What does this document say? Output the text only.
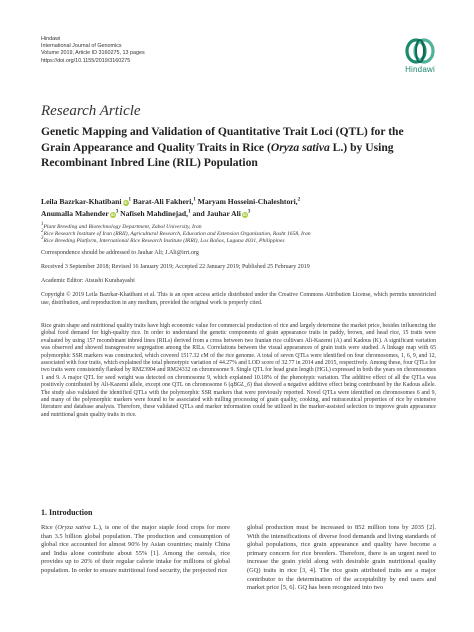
Hindawi
International Journal of Genomics
Volume 2019, Article ID 3160275, 13 pages
https://doi.org/10.1155/2019/3160275
Hindawi
Research Article
Genetic Mapping and Validation of Quantitative Trait Loci (QTL) for the Grain Appearance and Quality Traits in Rice (Oryza sativa L.) by Using Recombinant Inbred Line (RIL) Population
Leila Bazrkar-Khatibani $iD^1$ Barat-Ali Fakheri,$^1$ Maryam Hosseini-Chaleshtori,$^2$
Anumalla Mahender $iD^3$ Nafiseh Mahdinejad,$^1$ and Jauhar Ali $iD^3$
$^1$Plant Breeding and Biotechnology Department, Zabol University, Iran
$^2$Rice Research Institute of Iran (RRII), Agricultural Research, Education and Extension Organization, Rasht 1658, Iran
$^3$Rice Breeding Platform, International Rice Research Institute (IRRI), Los Baños, Laguna 4031, Philippines
Correspondence should be addressed to Jauhar Ali; J.Ali@irri.org
Received 3 September 2018; Revised 16 January 2019; Accepted 22 January 2019; Published 25 February 2019
Academic Editor: Atsushi Kurabayashi
Copyright © 2019 Leila Bazrkar-Khatibani et al. This is an open access article distributed under the Creative Commons Attribution License, which permits unrestricted use, distribution, and reproduction in any medium, provided the original work is properly cited.
Rice grain shape and nutritional quality traits have high economic value for commercial production of rice and largely determine the market price, besides influencing the global food demand for high-quality rice. In order to understand the genetic components of grain appearance traits in paddy, brown, and head rice, 15 traits were evaluated by using 157 recombinant inbred lines (RILs) derived from a cross between two Iranian rice cultivars Ali-Kazemi (A) and Kadous (K). A significant variation was observed and showed transgressive segregation among the RILs. Correlations between the visual appearances of grain traits were studied. A linkage map with 65 polymorphic SSR markers was constructed, which covered 1517.32 cM of the rice genome. A total of seven QTLs were identified on four chromosomes, 1, 6, 9, and 12, associated with four traits, which explained the total phenotypic variation of 44.27% and LOD score of 32.77 in 2014 and 2015, respectively. Among these, four QTLs for two traits were consistently flanked by RM23904 and RM24332 on chromosome 9. Single QTL for head grain length (HGL) expressed in both the years on chromosomes 1 and 9. A major QTL for seed weight was detected on chromosome 9, which explained 10.18% of the phenotypic variation. The additive effect of all the QTLs was positively contributed by Ali-Kazemi allele, except one QTL on chromosome 6 (qBGL_6) that showed a negative additive effect being contributed by the Kadous allele. The study also validated the identified QTLs with the polymorphic SSR markers that were previously reported. Novel QTLs were identified on chromosomes 6 and 9, and many of the polymorphic markers were found to be associated with milling processing of grain quality, cooking, and nutraceutical properties of rice by extensive literature and database analysis. Therefore, these validated QTLs and marker information could be utilized in the marker-assisted selection to improve grain appearance and nutritional grain quality traits in rice.
1. Introduction
Rice (Oryza sativa L.), is one of the major staple food crops for more than 3.5 billion global population. The production and consumption of global rice accounted for almost 90% by Asian countries; mainly China and India alone contribute about 55% [1]. Among the cereals, rice provides up to 20% of their regular calorie intake for millions of global population. In order to ensure nutritional food security, the projected rice
global production must be increased to 852 million tons by 2035 [2]. With the intensifications of diverse food demands and living standards of global populations, rice grain appearance and quality have become a primary concern for rice breeders. Therefore, there is an urgent need to increase the grain yield along with desirable grain nutritional quality (GQ) traits in rice [3, 4]. The rice grain attributed traits are a major contributor to the determination of the acceptability by end users and market price [5, 6]. GQ has been recognized into two
